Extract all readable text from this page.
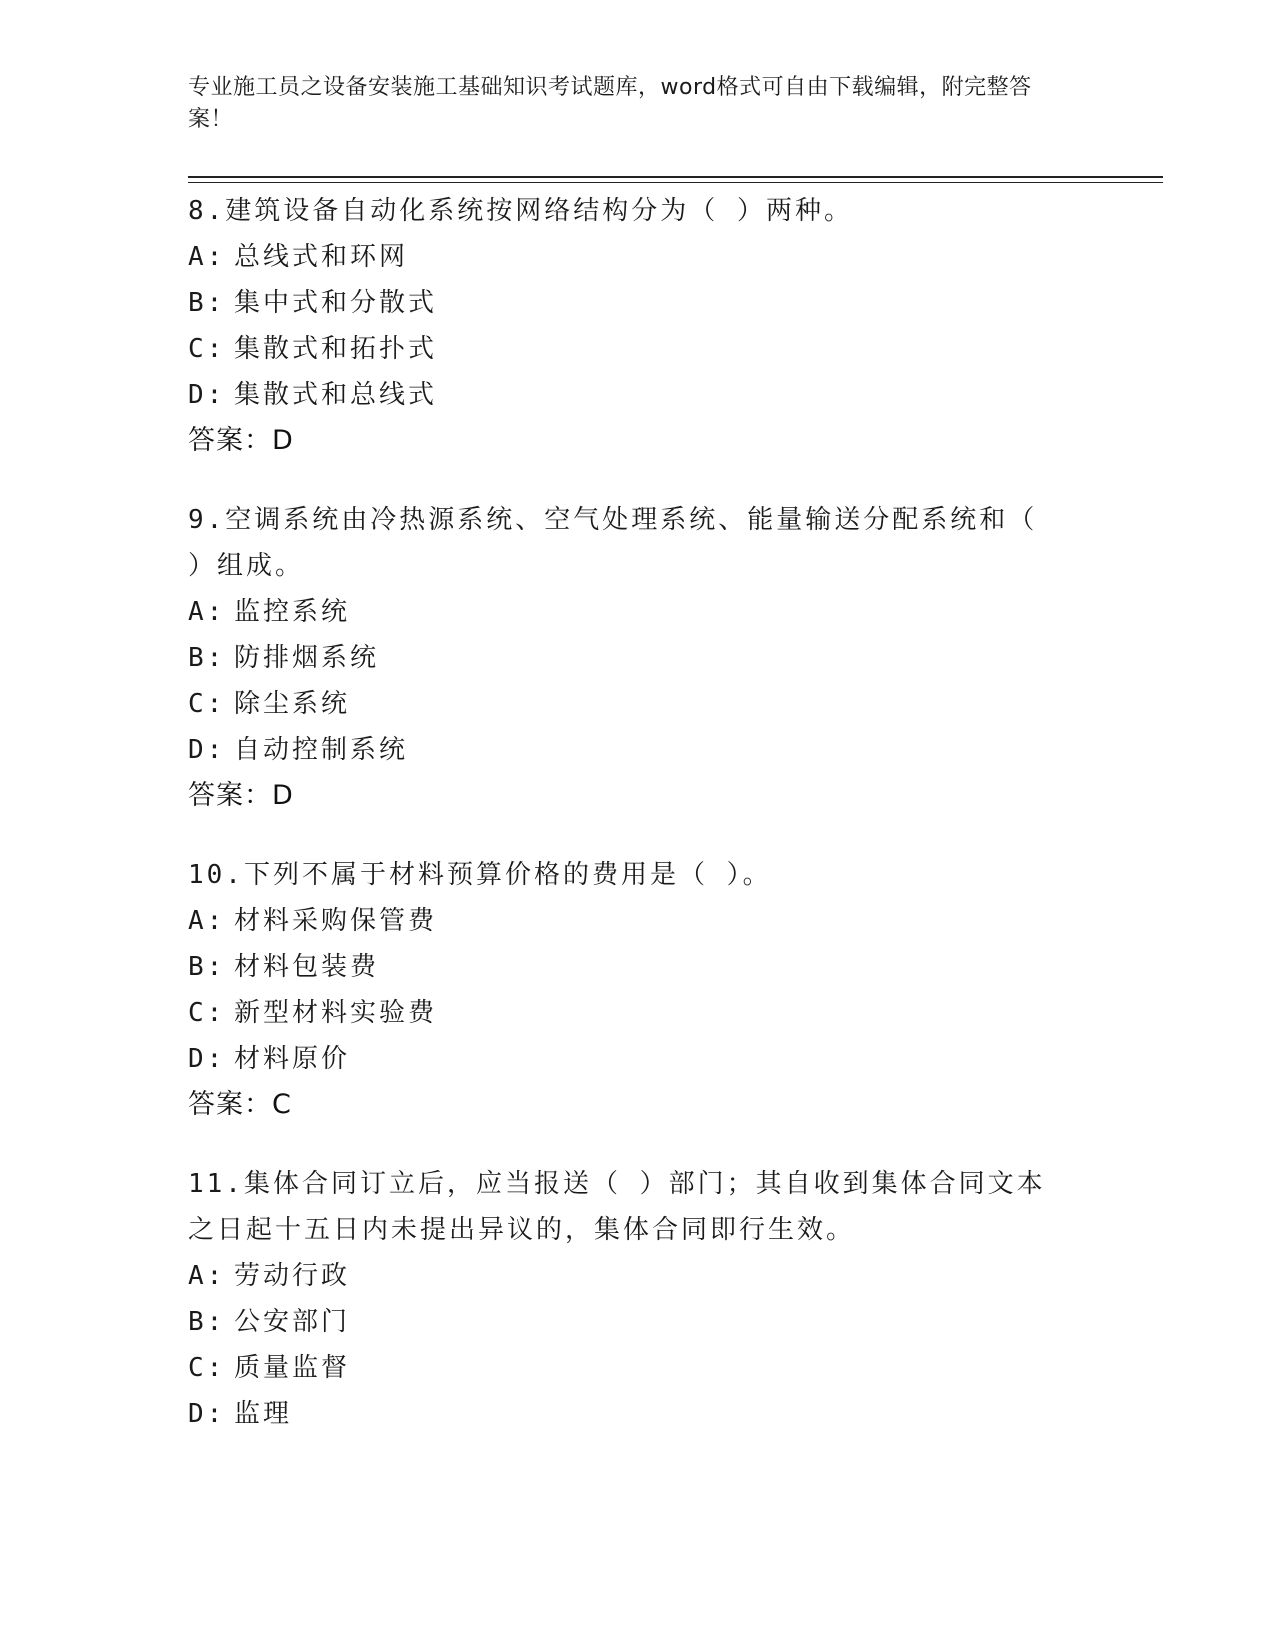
专业施工员之设备安装施工基础知识考试题库，word格式可自由下载编辑，附完整答案！
8.建筑设备自动化系统按网络结构分为（ ）两种。
A: 总线式和环网
B: 集中式和分散式
C: 集散式和拓扑式
D: 集散式和总线式
答案：D
9.空调系统由冷热源系统、空气处理系统、能量输送分配系统和（ ）组成。
A: 监控系统
B: 防排烟系统
C: 除尘系统
D: 自动控制系统
答案：D
10.下列不属于材料预算价格的费用是（ ）。
A: 材料采购保管费
B: 材料包装费
C: 新型材料实验费
D: 材料原价
答案：C
11.集体合同订立后，应当报送（ ）部门；其自收到集体合同文本之日起十五日内未提出异议的，集体合同即行生效。
A: 劳动行政
B: 公安部门
C: 质量监督
D: 监理
